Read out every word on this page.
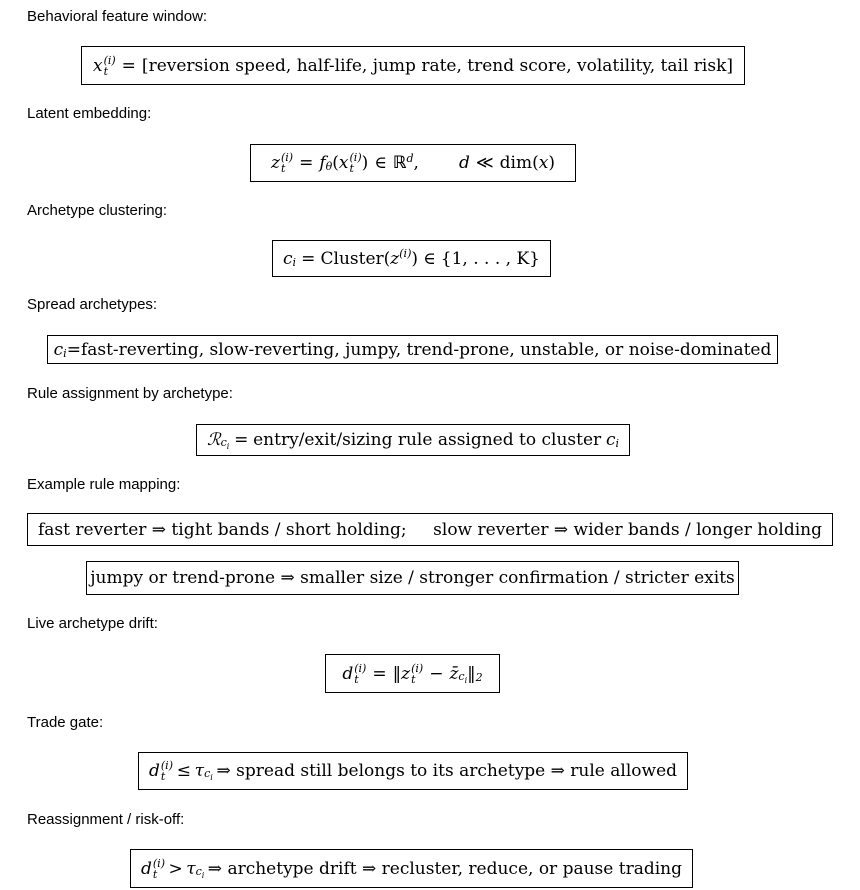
Behavioral feature window:
x (i)
t = [ reversion speed, half-life, jump rate, trend score, volatility, tail risk ]
Latent embedding:
z (i)
t = f θ ( x (i)
t ) ∈ ℝ d , d ≪ dim ( x )
Archetype clustering:
c i = Cluster ( z (i) ) ∈ {1, . . . , K}
Spread archetypes:
c i = fast-reverting, slow-reverting, jumpy, trend-prone, unstable, or noise-dominated
Rule assignment by archetype:
ℛ $c_i$ = entry/exit/sizing rule assigned to cluster c i
Example rule mapping:
fast reverter ⇒ tight bands / short holding; slow reverter ⇒ wider bands / longer holding
jumpy or trend-prone ⇒ smaller size / stronger confirmation / stricter exits
Live archetype drift:
d (i)
t = ‖ z (i)
t − z̄ $c_i$ ‖ 2
Trade gate:
d (i)
t ≤ τ $c_i$ ⇒ spread still belongs to its archetype ⇒ rule allowed
Reassignment / risk-off:
d (i)
t > τ $c_i$ ⇒ archetype drift ⇒ recluster, reduce, or pause trading
